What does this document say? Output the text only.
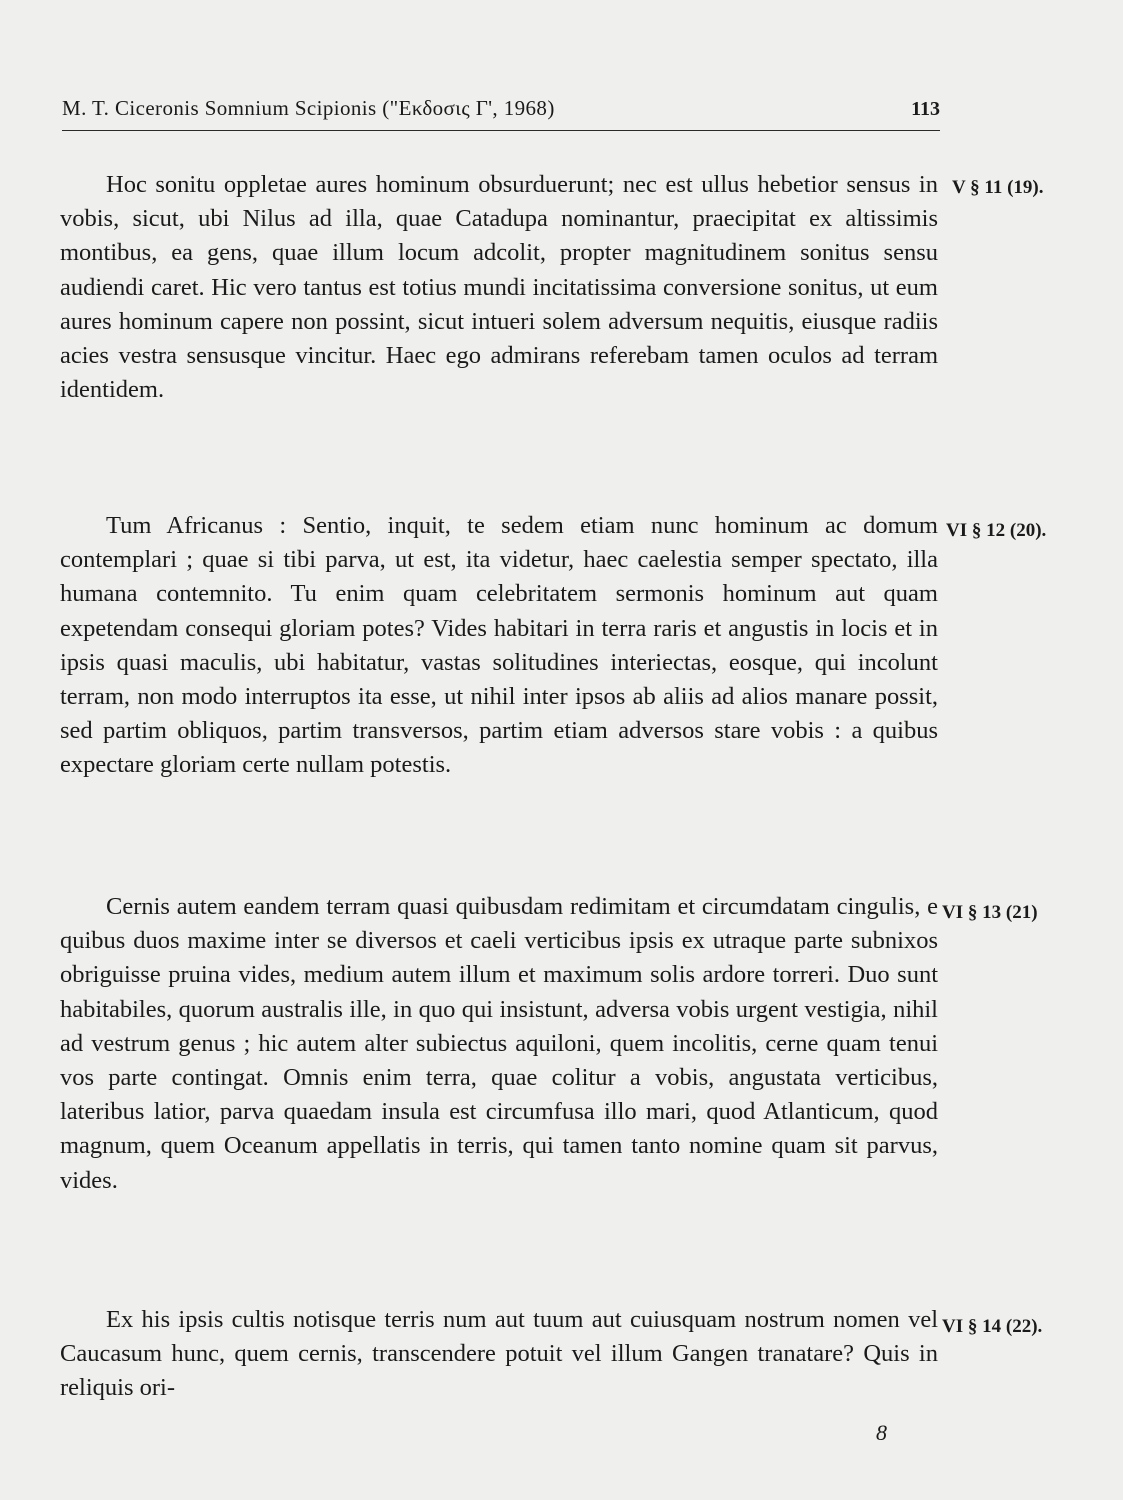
M. T. Ciceronis Somnium Scipionis ("Εκδοσις Γ', 1968)	113

Hoc sonitu oppletae aures hominum obsurduerunt; nec est ullus hebetior sensus in vobis, sicut, ubi Nilus ad illa, quae Catadupa nominantur, praecipitat ex altissimis montibus, ea gens, quae illum locum adcolit, propter magnitudinem sonitus sensu audiendi caret. Hic vero tantus est totius mundi incitatissima conversione sonitus, ut eum aures hominum capere non possint, sicut intueri solem adversum nequitis, eiusque radiis acies vestra sensusque vincitur. Haec ego admirans referebam tamen oculos ad terram identidem.

V § 11 (19).

Tum Africanus : Sentio, inquit, te sedem etiam nunc hominum ac domum contemplari ; quae si tibi parva, ut est, ita videtur, haec caelestia semper spectato, illa humana contemnito. Tu enim quam celebritatem sermonis hominum aut quam expetendam consequi gloriam potes? Vides habitari in terra raris et angustis in locis et in ipsis quasi maculis, ubi habitatur, vastas solitudines interiectas, eosque, qui incolunt terram, non modo interruptos ita esse, ut nihil inter ipsos ab aliis ad alios manare possit, sed partim obliquos, partim transversos, partim etiam adversos stare vobis : a quibus expectare gloriam certe nullam potestis.

VI § 12 (20).

Cernis autem eandem terram quasi quibusdam redimitam et circumdatam cingulis, e quibus duos maxime inter se diversos et caeli verticibus ipsis ex utraque parte subnixos obriguisse pruina vides, medium autem illum et maximum solis ardore torreri. Duo sunt habitabiles, quorum australis ille, in quo qui insistunt, adversa vobis urgent vestigia, nihil ad vestrum genus ; hic autem alter subiectus aquiloni, quem incolitis, cerne quam tenui vos parte contingat. Omnis enim terra, quae colitur a vobis, angustata verticibus, lateribus latior, parva quaedam insula est circumfusa illo mari, quod Atlanticum, quod magnum, quem Oceanum appellatis in terris, qui tamen tanto nomine quam sit parvus, vides.

VI § 13 (21)

Ex his ipsis cultis notisque terris num aut tuum aut cuiusquam nostrum nomen vel Caucasum hunc, quem cernis, transcendere potuit vel illum Gangen tranatare? Quis in reliquis ori-

VI § 14 (22).
8
